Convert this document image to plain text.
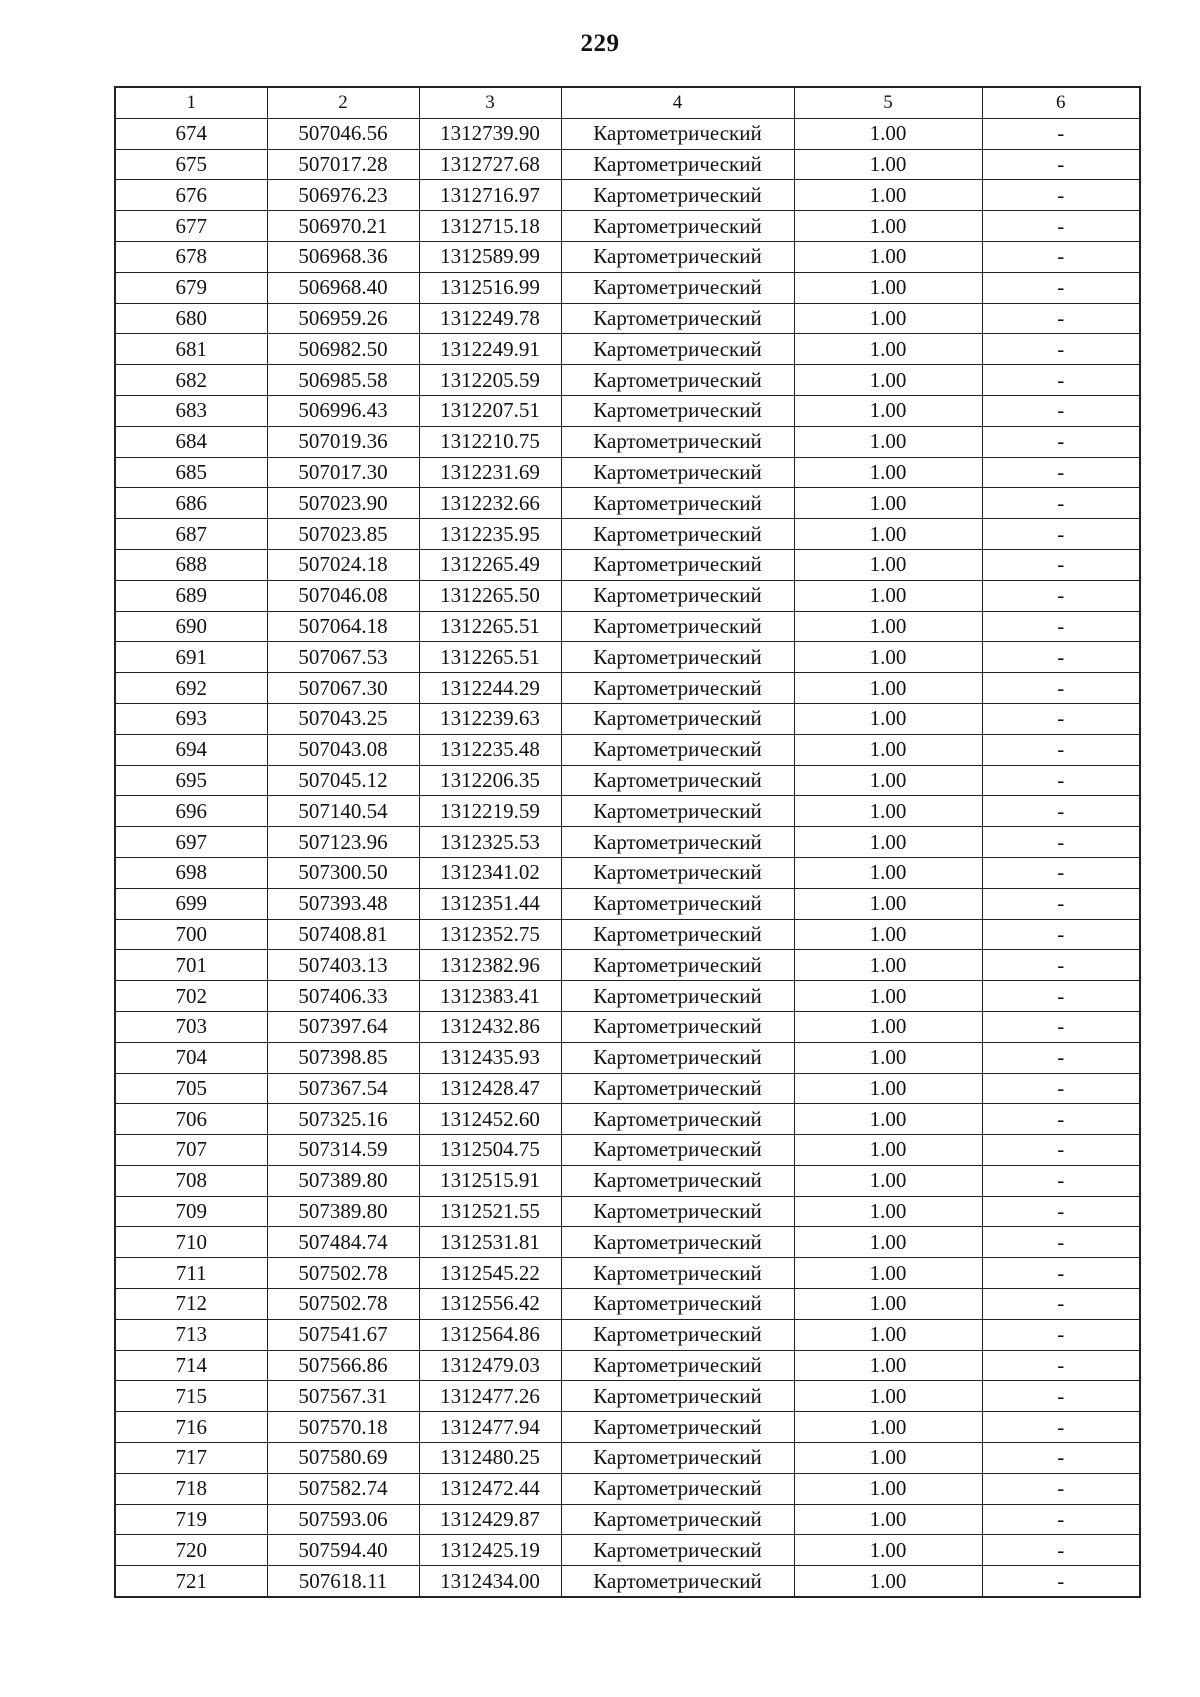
229
1	2	3	4	5	6
674	507046.56	1312739.90	Картометрический	1.00	-
675	507017.28	1312727.68	Картометрический	1.00	-
676	506976.23	1312716.97	Картометрический	1.00	-
677	506970.21	1312715.18	Картометрический	1.00	-
678	506968.36	1312589.99	Картометрический	1.00	-
679	506968.40	1312516.99	Картометрический	1.00	-
680	506959.26	1312249.78	Картометрический	1.00	-
681	506982.50	1312249.91	Картометрический	1.00	-
682	506985.58	1312205.59	Картометрический	1.00	-
683	506996.43	1312207.51	Картометрический	1.00	-
684	507019.36	1312210.75	Картометрический	1.00	-
685	507017.30	1312231.69	Картометрический	1.00	-
686	507023.90	1312232.66	Картометрический	1.00	-
687	507023.85	1312235.95	Картометрический	1.00	-
688	507024.18	1312265.49	Картометрический	1.00	-
689	507046.08	1312265.50	Картометрический	1.00	-
690	507064.18	1312265.51	Картометрический	1.00	-
691	507067.53	1312265.51	Картометрический	1.00	-
692	507067.30	1312244.29	Картометрический	1.00	-
693	507043.25	1312239.63	Картометрический	1.00	-
694	507043.08	1312235.48	Картометрический	1.00	-
695	507045.12	1312206.35	Картометрический	1.00	-
696	507140.54	1312219.59	Картометрический	1.00	-
697	507123.96	1312325.53	Картометрический	1.00	-
698	507300.50	1312341.02	Картометрический	1.00	-
699	507393.48	1312351.44	Картометрический	1.00	-
700	507408.81	1312352.75	Картометрический	1.00	-
701	507403.13	1312382.96	Картометрический	1.00	-
702	507406.33	1312383.41	Картометрический	1.00	-
703	507397.64	1312432.86	Картометрический	1.00	-
704	507398.85	1312435.93	Картометрический	1.00	-
705	507367.54	1312428.47	Картометрический	1.00	-
706	507325.16	1312452.60	Картометрический	1.00	-
707	507314.59	1312504.75	Картометрический	1.00	-
708	507389.80	1312515.91	Картометрический	1.00	-
709	507389.80	1312521.55	Картометрический	1.00	-
710	507484.74	1312531.81	Картометрический	1.00	-
711	507502.78	1312545.22	Картометрический	1.00	-
712	507502.78	1312556.42	Картометрический	1.00	-
713	507541.67	1312564.86	Картометрический	1.00	-
714	507566.86	1312479.03	Картометрический	1.00	-
715	507567.31	1312477.26	Картометрический	1.00	-
716	507570.18	1312477.94	Картометрический	1.00	-
717	507580.69	1312480.25	Картометрический	1.00	-
718	507582.74	1312472.44	Картометрический	1.00	-
719	507593.06	1312429.87	Картометрический	1.00	-
720	507594.40	1312425.19	Картометрический	1.00	-
721	507618.11	1312434.00	Картометрический	1.00	-
